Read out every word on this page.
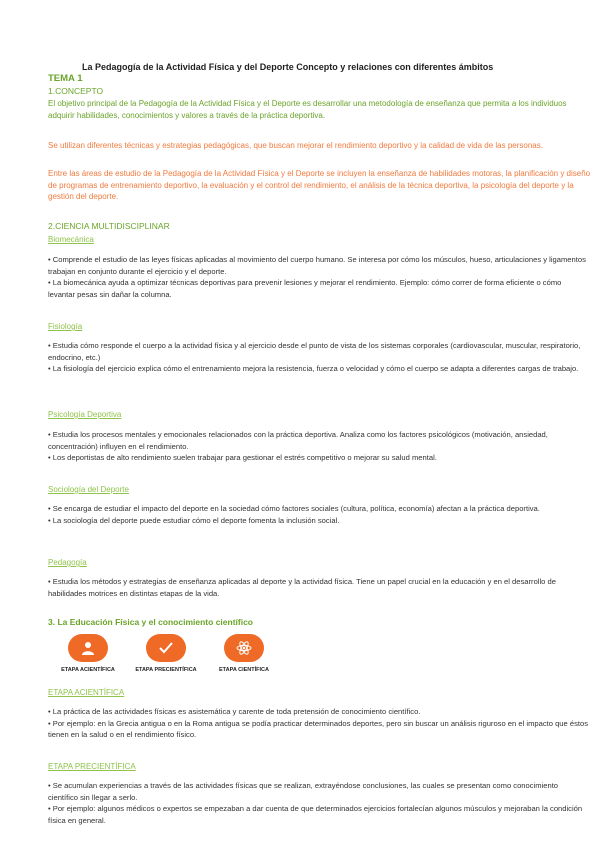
La Pedagogía de la Actividad Física y del Deporte Concepto y relaciones con diferentes ámbitos
TEMA 1
1.CONCEPTO
El objetivo principal de la Pedagogía de la Actividad Física y el Deporte es desarrollar una metodología de enseñanza que permita a los individuos adquirir habilidades, conocimientos y valores a través de la práctica deportiva.
Se utilizan diferentes técnicas y estrategias pedagógicas, que buscan mejorar el rendimiento deportivo y la calidad de vida de las personas.
Entre las áreas de estudio de la Pedagogía de la Actividad Física y el Deporte se incluyen la enseñanza de habilidades motoras, la planificación y diseño de programas de entrenamiento deportivo, la evaluación y el control del rendimiento, el análisis de la técnica deportiva, la psicología del deporte y la gestión del deporte.
2.CIENCIA MULTIDISCIPLINAR
Biomecánica

• Comprende el estudio de las leyes físicas aplicadas al movimiento del cuerpo humano. Se interesa por cómo los músculos, hueso, articulaciones y ligamentos trabajan en conjunto durante el ejercicio y el deporte.

• La biomecánica ayuda a optimizar técnicas deportivas para prevenir lesiones y mejorar el rendimiento. Ejemplo: cómo correr de forma eficiente o cómo levantar pesas sin dañar la columna.

Fisiología

• Estudia cómo responde el cuerpo a la actividad física y al ejercicio desde el punto de vista de los sistemas corporales (cardiovascular, muscular, respiratorio, endocrino, etc.)

• La fisiología del ejercicio explica cómo el entrenamiento mejora la resistencia, fuerza o velocidad y cómo el cuerpo se adapta a diferentes cargas de trabajo.

Psicología Deportiva

• Estudia los procesos mentales y emocionales relacionados con la práctica deportiva. Analiza como los factores psicológicos (motivación, ansiedad, concentración) influyen en el rendimiento.

• Los deportistas de alto rendimiento suelen trabajar para gestionar el estrés competitivo o mejorar su salud mental.

Sociología del Deporte

• Se encarga de estudiar el impacto del deporte en la sociedad cómo factores sociales (cultura, política, economía) afectan a la práctica deportiva.

• La sociología del deporte puede estudiar cómo el deporte fomenta la inclusión social.

Pedagogía

• Estudia los métodos y estrategias de enseñanza aplicadas al deporte y la actividad física. Tiene un papel crucial en la educación y en el desarrollo de habilidades motrices en distintas etapas de la vida.

3. La Educación Física y el conocimiento científico
ETAPA ACIENTÍFICA	ETAPA PRECIENTÍFICA	ETAPA CIENTÍFICA
ETAPA ACIENTÍFICA

• La práctica de las actividades físicas es asistemática y carente de toda pretensión de conocimiento científico.

• Por ejemplo: en la Grecia antigua o en la Roma antigua se podía practicar determinados deportes, pero sin buscar un análisis riguroso en el impacto que éstos tienen en la salud o en el rendimiento físico.

ETAPA PRECIENTÍFICA

• Se acumulan experiencias a través de las actividades físicas que se realizan, extrayéndose conclusiones, las cuales se presentan como conocimiento científico sin llegar a serlo.

• Por ejemplo: algunos médicos o expertos se empezaban a dar cuenta de que determinados ejercicios fortalecían algunos músculos y mejoraban la condición física en general.
